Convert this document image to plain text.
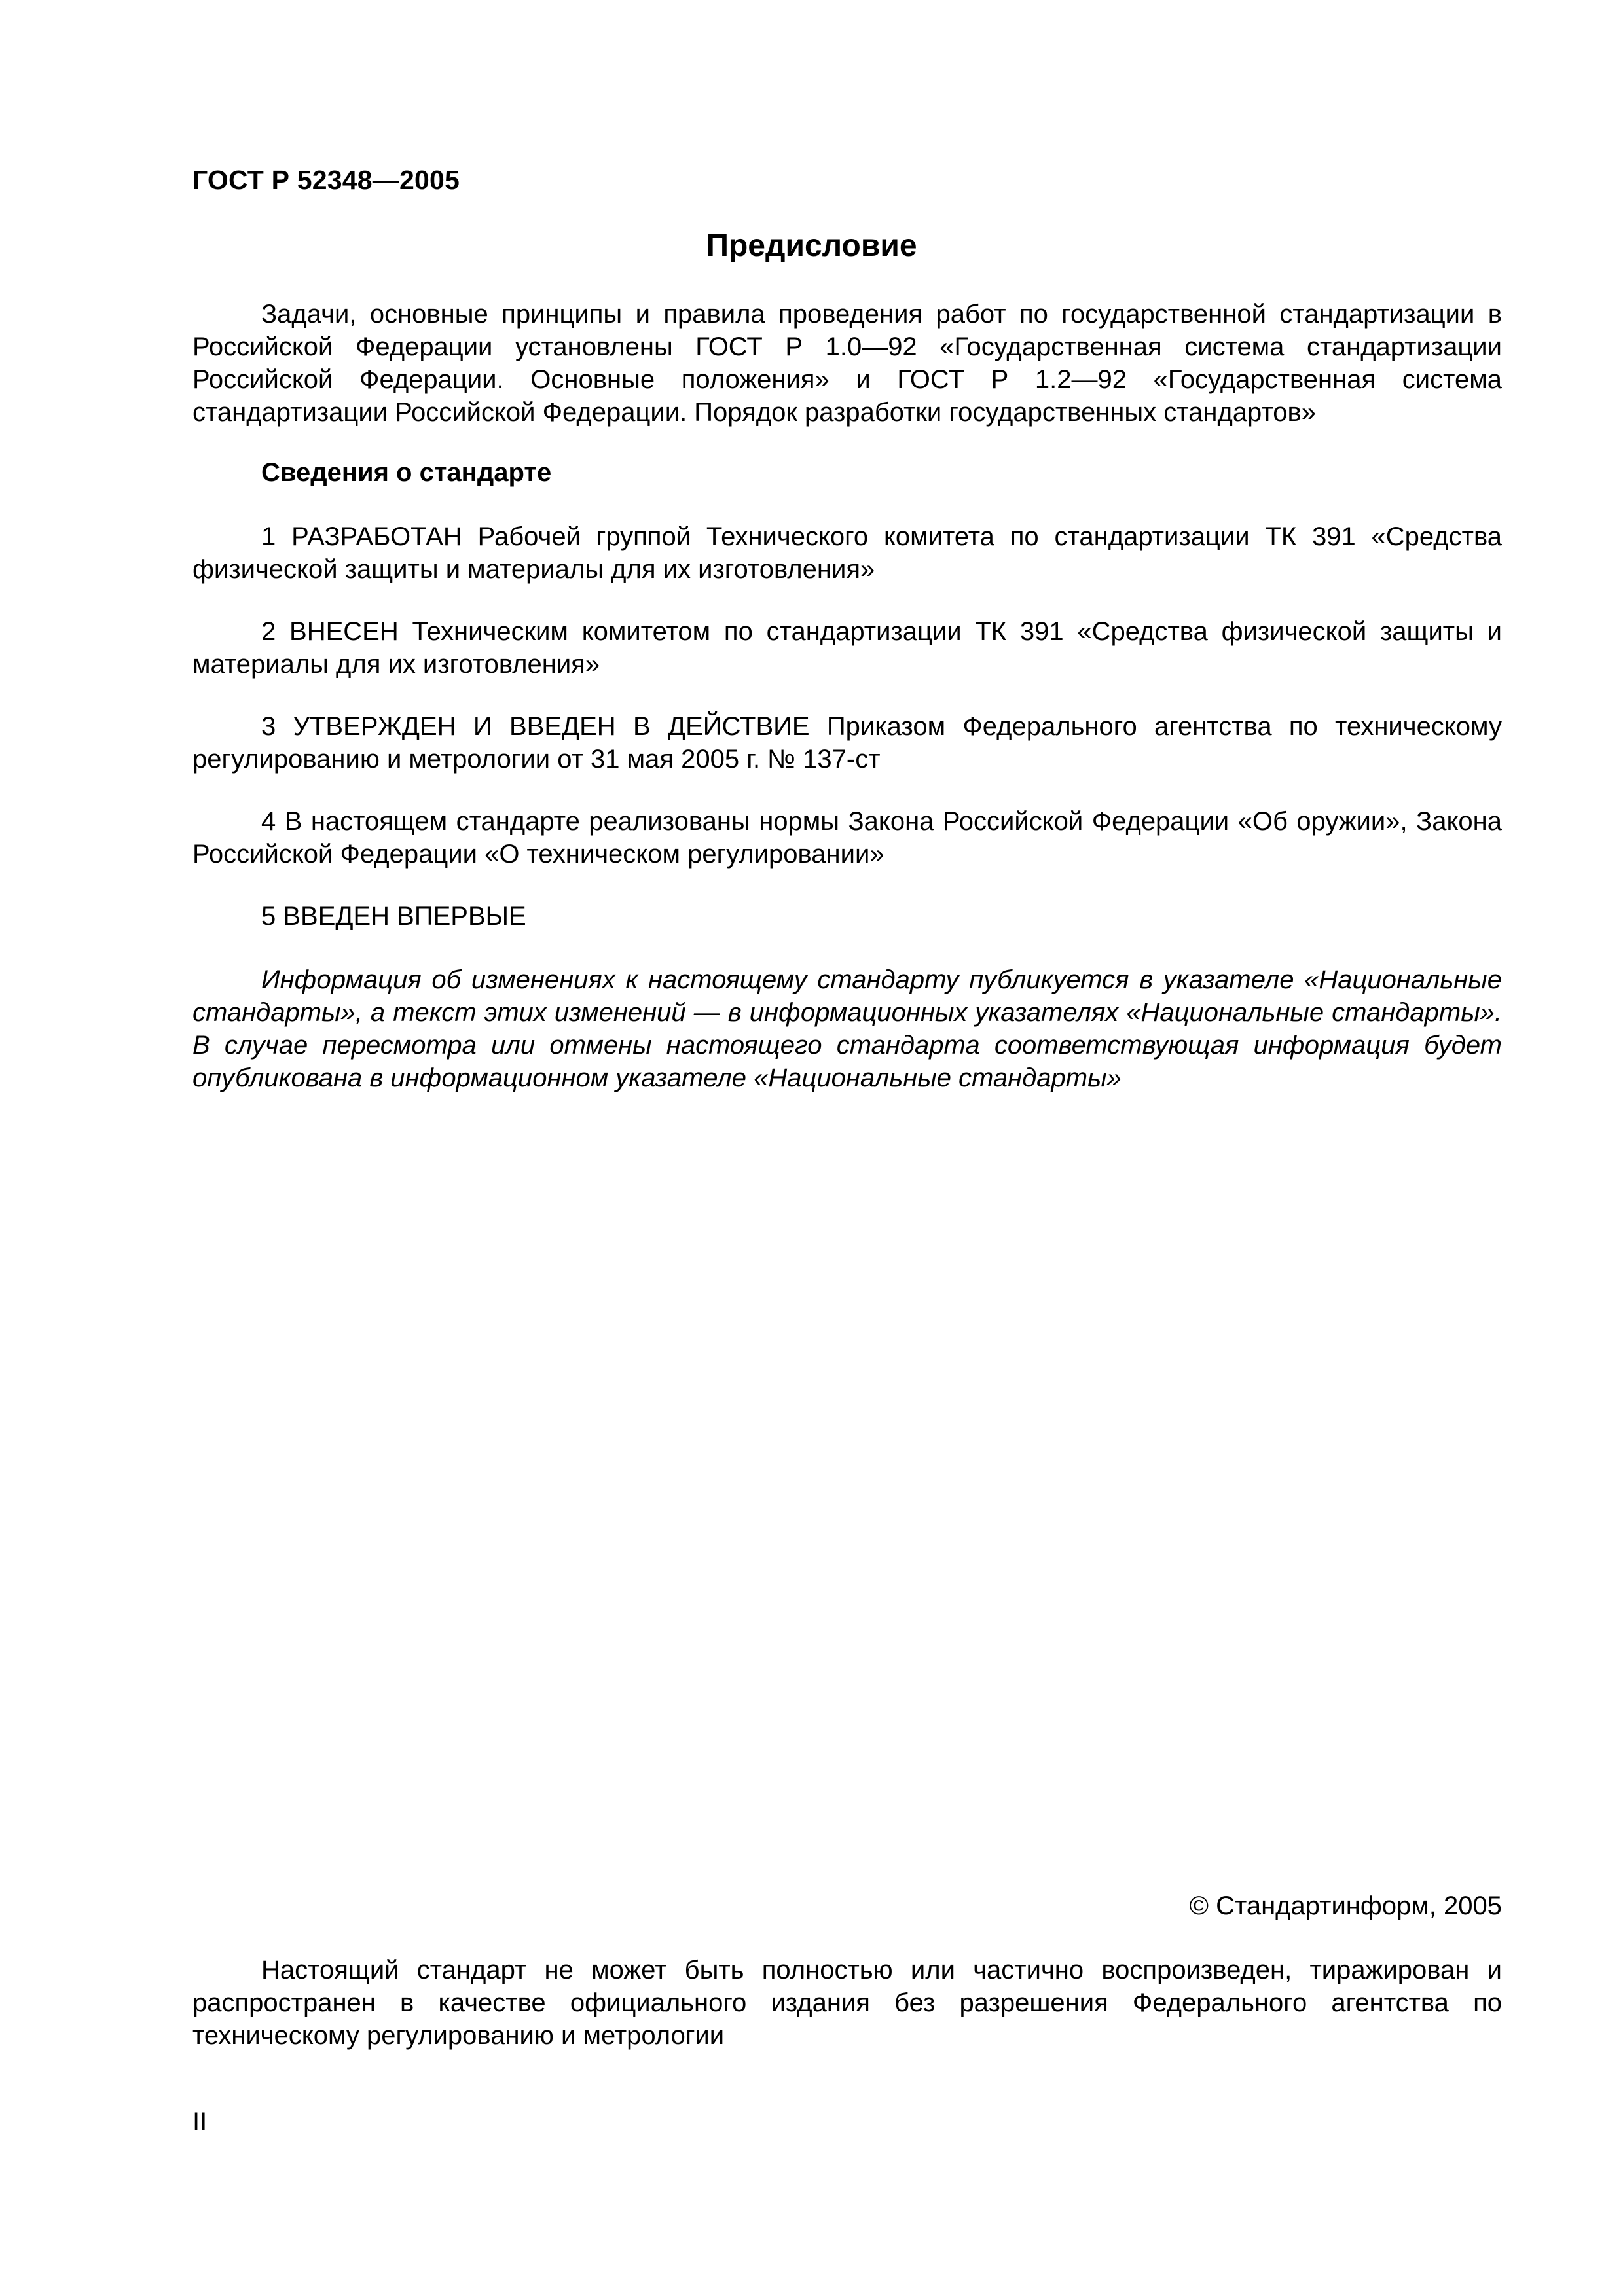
ГОСТ Р 52348—2005
Предисловие
Задачи, основные принципы и правила проведения работ по государственной стандартизации в Российской Федерации установлены ГОСТ Р 1.0—92 «Государственная система стандартизации Российской Федерации. Основные положения» и ГОСТ Р 1.2—92 «Государственная система стандартизации Российской Федерации. Порядок разработки государственных стандартов»
Сведения о стандарте
1 РАЗРАБОТАН Рабочей группой Технического комитета по стандартизации ТК 391 «Средства физической защиты и материалы для их изготовления»
2 ВНЕСЕН Техническим комитетом по стандартизации ТК 391 «Средства физической защиты и материалы для их изготовления»
3 УТВЕРЖДЕН И ВВЕДЕН В ДЕЙСТВИЕ Приказом Федерального агентства по техническому регулированию и метрологии от 31 мая 2005 г. № 137-ст
4 В настоящем стандарте реализованы нормы Закона Российской Федерации «Об оружии», Закона Российской Федерации «О техническом регулировании»
5 ВВЕДЕН ВПЕРВЫЕ
Информация об изменениях к настоящему стандарту публикуется в указателе «Национальные стандарты», а текст этих изменений — в информационных указателях «Национальные стандарты». В случае пересмотра или отмены настоящего стандарта соответствующая информация будет опубликована в информационном указателе «Национальные стандарты»
© Стандартинформ, 2005
Настоящий стандарт не может быть полностью или частично воспроизведен, тиражирован и распространен в качестве официального издания без разрешения Федерального агентства по техническому регулированию и метрологии
II
